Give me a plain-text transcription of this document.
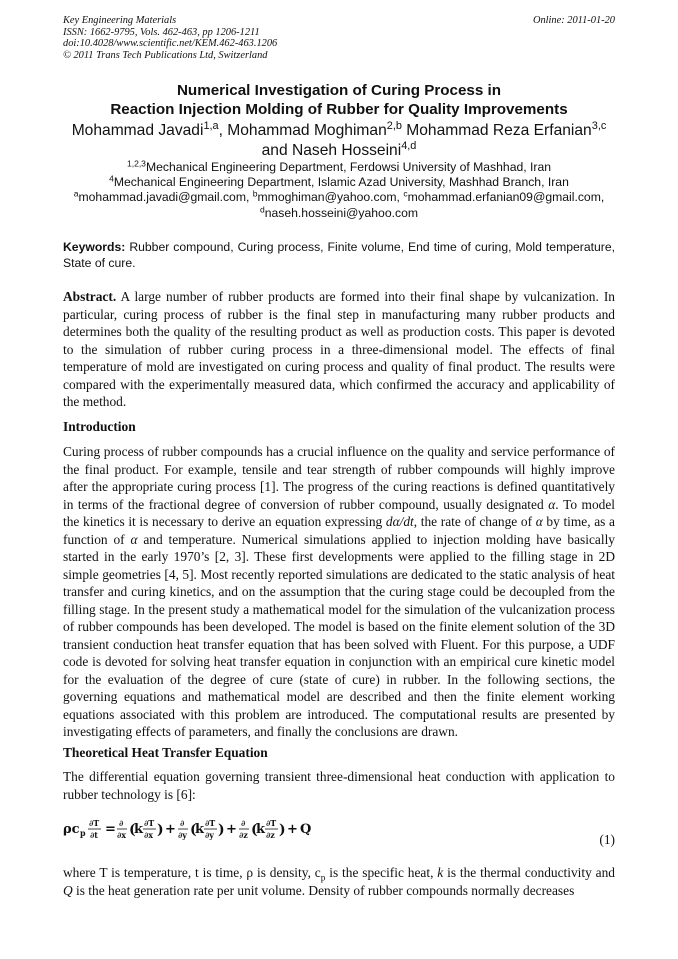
Key Engineering Materials
ISSN: 1662-9795, Vols. 462-463, pp 1206-1211
doi:10.4028/www.scientific.net/KEM.462-463.1206
© 2011 Trans Tech Publications Ltd, Switzerland
Online: 2011-01-20
Numerical Investigation of Curing Process in
Reaction Injection Molding of Rubber for Quality Improvements
Mohammad Javadi$^{1,a}$, Mohammad Moghiman$^{2,b}$ Mohammad Reza Erfanian$^{3,c}$
and Naseh Hosseini$^{4,d}$
$^{1,2,3}$Mechanical Engineering Department, Ferdowsi University of Mashhad, Iran
$^4$Mechanical Engineering Department, Islamic Azad University, Mashhad Branch, Iran
$^a$mohammad.javadi@gmail.com, $^b$mmoghiman@yahoo.com, $^c$mohammad.erfanian09@gmail.com,
$^d$naseh.hosseini@yahoo.com
Keywords: Rubber compound, Curing process, Finite volume, End time of curing, Mold temperature, State of cure.
Abstract. A large number of rubber products are formed into their final shape by vulcanization. In particular, curing process of rubber is the final step in manufacturing many rubber products and determines both the quality of the resulting product as well as production costs. This paper is devoted to the simulation of rubber curing process in a three-dimensional model. The effects of final temperature of mold are investigated on curing process and quality of final product. The results were compared with the experimentally measured data, which confirmed the accuracy and applicability of the method.
Introduction
Curing process of rubber compounds has a crucial influence on the quality and service performance of the final product. For example, tensile and tear strength of rubber compounds will highly improve after the appropriate curing process [1]. The progress of the curing reactions is defined quantitatively in terms of the fractional degree of conversion of rubber compound, usually designated α. To model the kinetics it is necessary to derive an equation expressing dα/dt, the rate of change of α by time, as a function of α and temperature. Numerical simulations applied to injection molding have basically started in the early 1970’s [2, 3]. These first developments were applied to the filling stage in 2D simple geometries [4, 5]. Most recently reported simulations are dedicated to the static analysis of heat transfer and curing kinetics, and on the assumption that the curing stage could be decoupled from the filling stage. In the present study a mathematical model for the simulation of the vulcanization process of rubber compounds has been developed. The model is based on the finite element solution of the 3D transient conduction heat transfer equation that has been solved with Fluent. For this purpose, a UDF code is devoted for solving heat transfer equation in conjunction with an empirical cure kinetic model for the evaluation of the degree of cure (state of cure) in rubber. In the following sections, the governing equations and mathematical model are described and then the finite element working equations associated with this problem are introduced. The computational results are presented by investigating effects of parameters, and finally the conclusions are drawn.
Theoretical Heat Transfer Equation
The differential equation governing transient three-dimensional heat conduction with application to rubber technology is [6]:
ρc p
∂T
∂t = ∂
∂x (
k ∂T
∂x ) + ∂
∂y (
k ∂T
∂y ) + ∂
∂z (
k ∂T
∂z ) + Q
(1)
where T is temperature, t is time, ρ is density, $c_p$ is the specific heat, k is the thermal conductivity and Q is the heat generation rate per unit volume. Density of rubber compounds normally decreases
